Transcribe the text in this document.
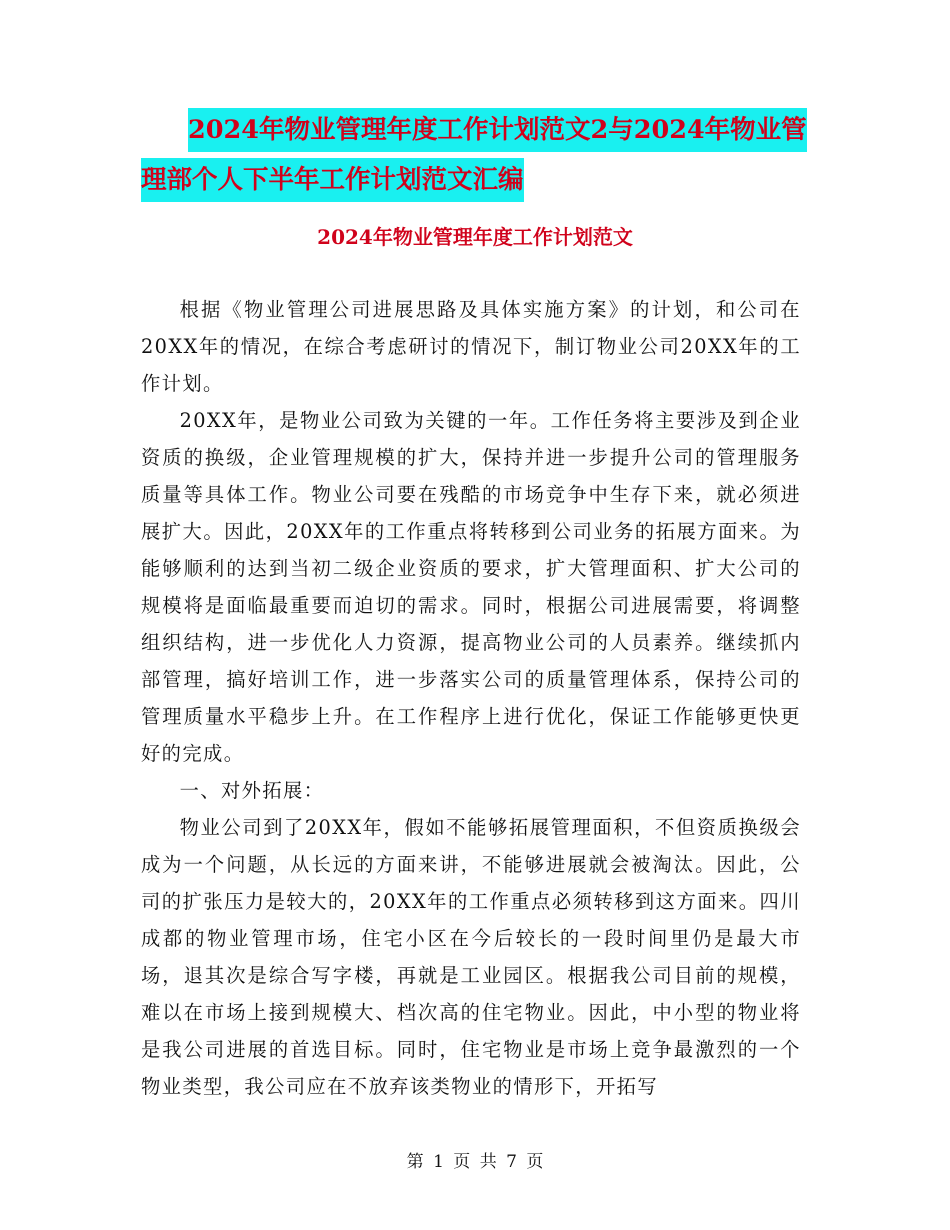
2024年物业管理年度工作计划范文2与2024年物业管
理部个人下半年工作计划范文汇编
2024年物业管理年度工作计划范文

根据《物业管理公司进展思路及具体实施方案》的计划，和公司在20XX年的情况，在综合考虑研讨的情况下，制订物业公司20XX年的工作计划。

20XX年，是物业公司致为关键的一年。工作任务将主要涉及到企业资质的换级，企业管理规模的扩大，保持并进一步提升公司的管理服务质量等具体工作。物业公司要在残酷的市场竞争中生存下来，就必须进展扩大。因此，20XX年的工作重点将转移到公司业务的拓展方面来。为能够顺利的达到当初二级企业资质的要求，扩大管理面积、扩大公司的规模将是面临最重要而迫切的需求。同时，根据公司进展需要，将调整组织结构，进一步优化人力资源，提高物业公司的人员素养。继续抓内部管理，搞好培训工作，进一步落实公司的质量管理体系，保持公司的管理质量水平稳步上升。在工作程序上进行优化，保证工作能够更快更好的完成。

一、对外拓展：

物业公司到了20XX年，假如不能够拓展管理面积，不但资质换级会成为一个问题，从长远的方面来讲，不能够进展就会被淘汰。因此，公司的扩张压力是较大的，20XX年的工作重点必须转移到这方面来。四川成都的物业管理市场，住宅小区在今后较长的一段时间里仍是最大市场，退其次是综合写字楼，再就是工业园区。根据我公司目前的规模，难以在市场上接到规模大、档次高的住宅物业。因此，中小型的物业将是我公司进展的首选目标。同时，住宅物业是市场上竞争最激烈的一个物业类型，我公司应在不放弃该类物业的情形下，开拓写

第 1 页 共 7 页
